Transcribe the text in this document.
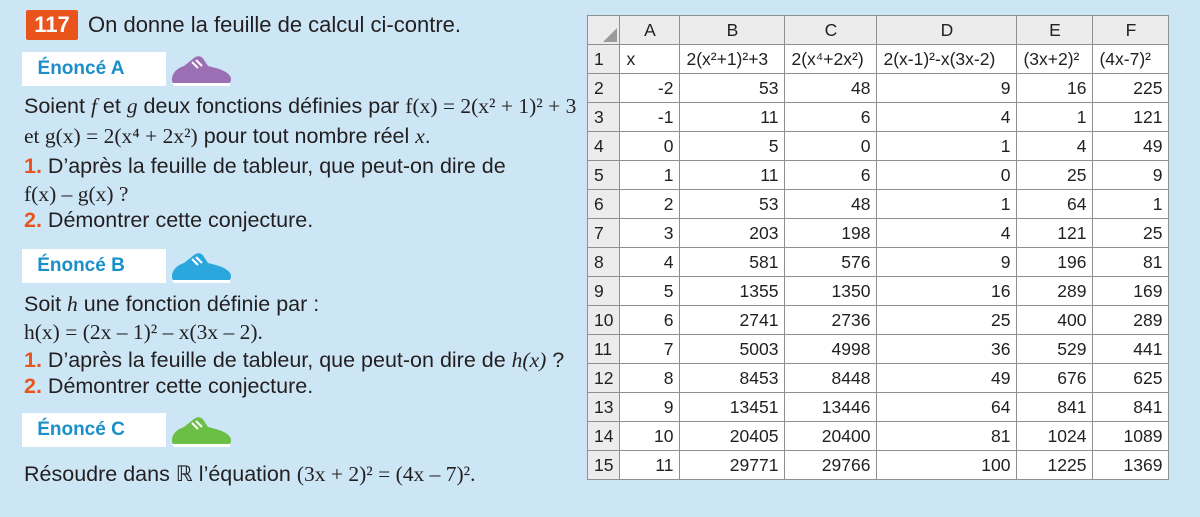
117 On donne la feuille de calcul ci-contre.
Énoncé A
Soient f et g deux fonctions définies par f(x) = 2(x² + 1)² + 3
et g(x) = 2(x⁴ + 2x²) pour tout nombre réel x.
1. D’après la feuille de tableur, que peut-on dire de
f(x) – g(x) ?
2. Démontrer cette conjecture.
Énoncé B
Soit h une fonction définie par :
h(x) = (2x – 1)² – x(3x – 2).
1. D’après la feuille de tableur, que peut-on dire de h(x) ?
2. Démontrer cette conjecture.
Énoncé C
Résoudre dans ℝ l’équation (3x + 2)² = (4x – 7)².
	A	B	C	D	E	F
1	x	2(x²+1)²+3	2(x⁴+2x²)	2(x-1)²-x(3x-2)	(3x+2)²	(4x-7)²
2	-2	53	48	9	16	225
3	-1	11	6	4	1	121
4	0	5	0	1	4	49
5	1	11	6	0	25	9
6	2	53	48	1	64	1
7	3	203	198	4	121	25
8	4	581	576	9	196	81
9	5	1355	1350	16	289	169
10	6	2741	2736	25	400	289
11	7	5003	4998	36	529	441
12	8	8453	8448	49	676	625
13	9	13451	13446	64	841	841
14	10	20405	20400	81	1024	1089
15	11	29771	29766	100	1225	1369
